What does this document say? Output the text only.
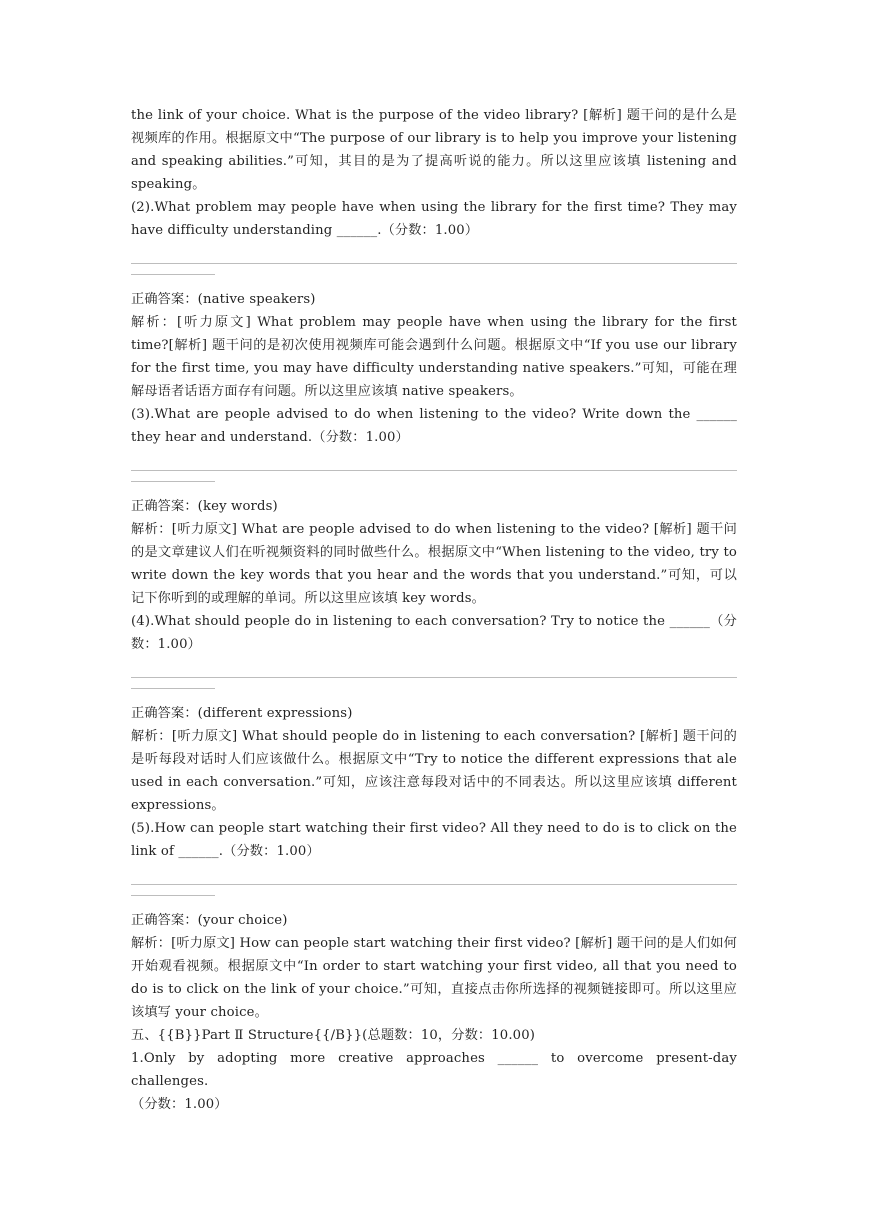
the link of your choice. What is the purpose of the video library? [解析] 题干问的是什么是视频库的作用。根据原文中“The purpose of our library is to help you improve your listening and speaking abilities.”可知，其目的是为了提高听说的能力。所以这里应该填 listening and speaking。

(2).What problem may people have when using the library for the first time? They may have difficulty understanding ______.（分数：1.00）

正确答案：(native speakers)

解析：[听力原文] What problem may people have when using the library for the first time?[解析] 题干问的是初次使用视频库可能会遇到什么问题。根据原文中“If you use our library for the first time, you may have difficulty understanding native speakers.”可知，可能在理解母语者话语方面存有问题。所以这里应该填 native speakers。

(3).What are people advised to do when listening to the video? Write down the ______ they hear and understand.（分数：1.00）

正确答案：(key words)

解析：[听力原文] What are people advised to do when listening to the video? [解析] 题干问的是文章建议人们在听视频资料的同时做些什么。根据原文中“When listening to the video, try to write down the key words that you hear and the words that you understand.”可知，可以记下你听到的或理解的单词。所以这里应该填 key words。

(4).What should people do in listening to each conversation? Try to notice the ______（分数：1.00）

正确答案：(different expressions)

解析：[听力原文] What should people do in listening to each conversation? [解析] 题干问的是听每段对话时人们应该做什么。根据原文中“Try to notice the different expressions that ale used in each conversation.”可知，应该注意每段对话中的不同表达。所以这里应该填 different expressions。

(5).How can people start watching their first video? All they need to do is to click on the link of ______.（分数：1.00）

正确答案：(your choice)

解析：[听力原文] How can people start watching their first video? [解析] 题干问的是人们如何开始观看视频。根据原文中“In order to start watching your first video, all that you need to do is to click on the link of your choice.”可知，直接点击你所选择的视频链接即可。所以这里应该填写 your choice。

五、{{B}}Part Ⅱ Structure{{/B}}(总题数：10，分数：10.00)

1.Only by adopting more creative approaches ______ to overcome present-day challenges.

（分数：1.00）
